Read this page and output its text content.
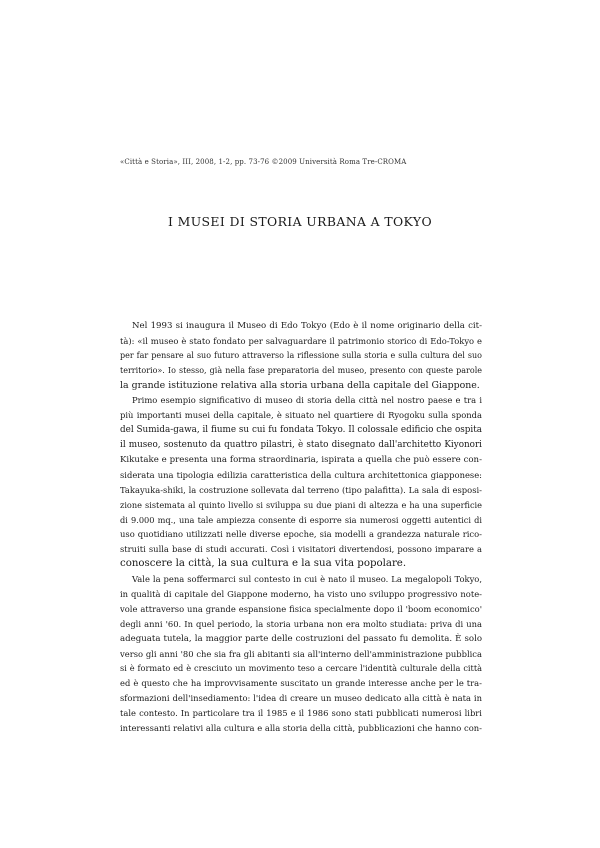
«Città e Storia», III, 2008, 1-2, pp. 73-76 ©2009 Università Roma Tre-CROMA
I MUSEI DI STORIA URBANA A TOKYO
Nel 1993 si inaugura il Museo di Edo Tokyo (Edo è il nome originario della cit-
tà): «il museo è stato fondato per salvaguardare il patrimonio storico di Edo-Tokyo e
per far pensare al suo futuro attraverso la riflessione sulla storia e sulla cultura del suo
territorio». Io stesso, già nella fase preparatoria del museo, presento con queste parole
la grande istituzione relativa alla storia urbana della capitale del Giappone.
Primo esempio significativo di museo di storia della città nel nostro paese e tra i
più importanti musei della capitale, è situato nel quartiere di Ryogoku sulla sponda
del Sumida-gawa, il fiume su cui fu fondata Tokyo. Il colossale edificio che ospita
il museo, sostenuto da quattro pilastri, è stato disegnato dall'architetto Kiyonori
Kikutake e presenta una forma straordinaria, ispirata a quella che può essere con-
siderata una tipologia edilizia caratteristica della cultura architettonica giapponese:
Takayuka-shiki, la costruzione sollevata dal terreno (tipo palafitta). La sala di esposi-
zione sistemata al quinto livello si sviluppa su due piani di altezza e ha una superficie
di 9.000 mq., una tale ampiezza consente di esporre sia numerosi oggetti autentici di
uso quotidiano utilizzati nelle diverse epoche, sia modelli a grandezza naturale rico-
struiti sulla base di studi accurati. Così i visitatori divertendosi, possono imparare a
conoscere la città, la sua cultura e la sua vita popolare.
Vale la pena soffermarci sul contesto in cui è nato il museo. La megalopoli Tokyo,
in qualità di capitale del Giappone moderno, ha visto uno sviluppo progressivo note-
vole attraverso una grande espansione fisica specialmente dopo il 'boom economico'
degli anni '60. In quel periodo, la storia urbana non era molto studiata: priva di una
adeguata tutela, la maggior parte delle costruzioni del passato fu demolita. È solo
verso gli anni '80 che sia fra gli abitanti sia all'interno dell'amministrazione pubblica
si è formato ed è cresciuto un movimento teso a cercare l'identità culturale della città
ed è questo che ha improvvisamente suscitato un grande interesse anche per le tra-
sformazioni dell'insediamento: l'idea di creare un museo dedicato alla città è nata in
tale contesto. In particolare tra il 1985 e il 1986 sono stati pubblicati numerosi libri
interessanti relativi alla cultura e alla storia della città, pubblicazioni che hanno con-
